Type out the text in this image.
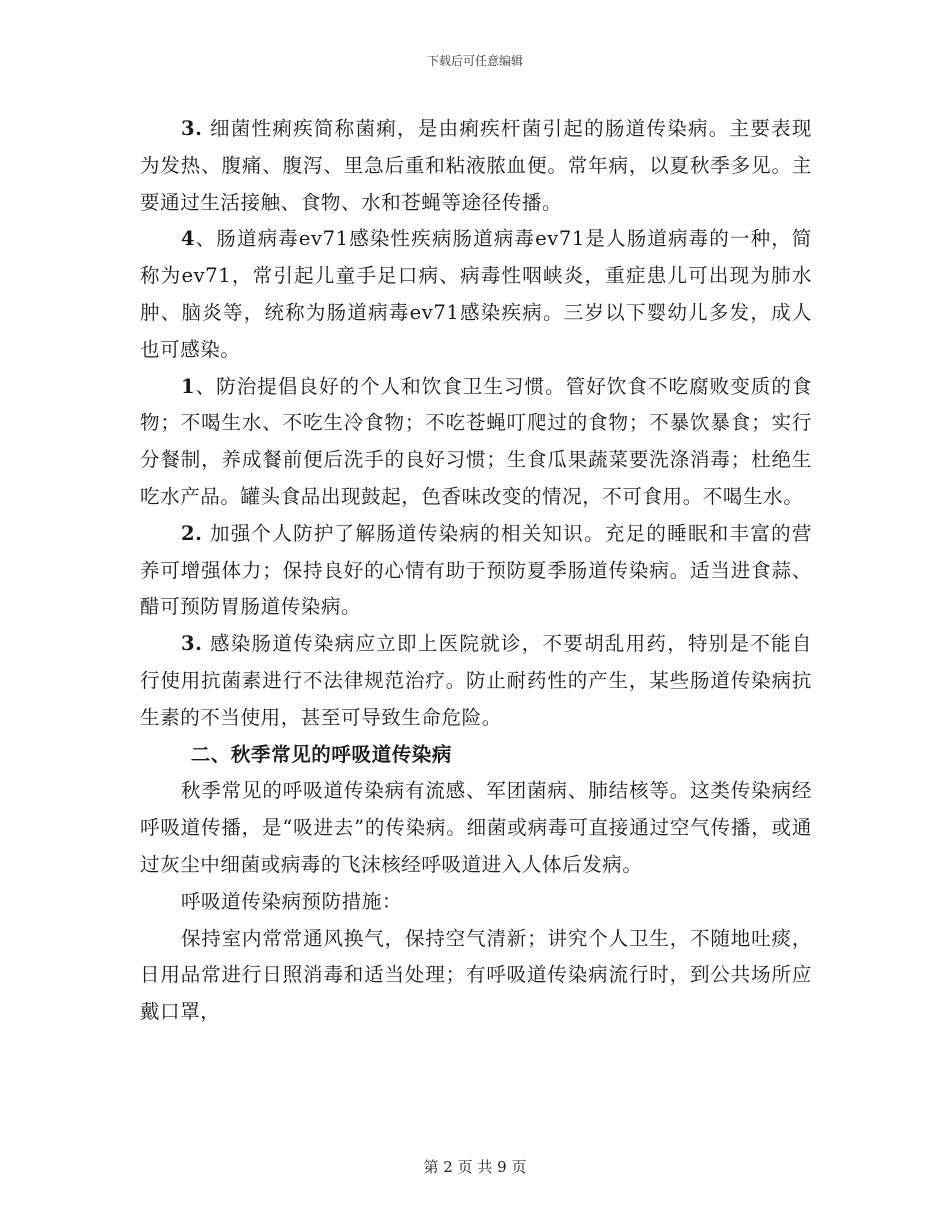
下载后可任意编辑

3. 细菌性痢疾简称菌痢，是由痢疾杆菌引起的肠道传染病。主要表现为发热、腹痛、腹泻、里急后重和粘液脓血便。常年病，以夏秋季多见。主要通过生活接触、食物、水和苍蝇等途径传播。

4、肠道病毒ev71感染性疾病肠道病毒ev71是人肠道病毒的一种，简称为ev71，常引起儿童手足口病、病毒性咽峡炎，重症患儿可出现为肺水肿、脑炎等，统称为肠道病毒ev71感染疾病。三岁以下婴幼儿多发，成人也可感染。

1、防治提倡良好的个人和饮食卫生习惯。管好饮食不吃腐败变质的食物；不喝生水、不吃生冷食物；不吃苍蝇叮爬过的食物；不暴饮暴食；实行分餐制，养成餐前便后洗手的良好习惯；生食瓜果蔬菜要洗涤消毒；杜绝生吃水产品。罐头食品出现鼓起，色香味改变的情况，不可食用。不喝生水。

2. 加强个人防护了解肠道传染病的相关知识。充足的睡眠和丰富的营养可增强体力；保持良好的心情有助于预防夏季肠道传染病。适当进食蒜、醋可预防胃肠道传染病。

3. 感染肠道传染病应立即上医院就诊，不要胡乱用药，特别是不能自行使用抗菌素进行不法律规范治疗。防止耐药性的产生，某些肠道传染病抗生素的不当使用，甚至可导致生命危险。

二、秋季常见的呼吸道传染病

秋季常见的呼吸道传染病有流感、军团菌病、肺结核等。这类传染病经呼吸道传播，是“吸进去”的传染病。细菌或病毒可直接通过空气传播，或通过灰尘中细菌或病毒的飞沫核经呼吸道进入人体后发病。

呼吸道传染病预防措施：

保持室内常常通风换气，保持空气清新；讲究个人卫生，不随地吐痰，日用品常进行日照消毒和适当处理；有呼吸道传染病流行时，到公共场所应戴口罩，

第 2 页 共 9 页
